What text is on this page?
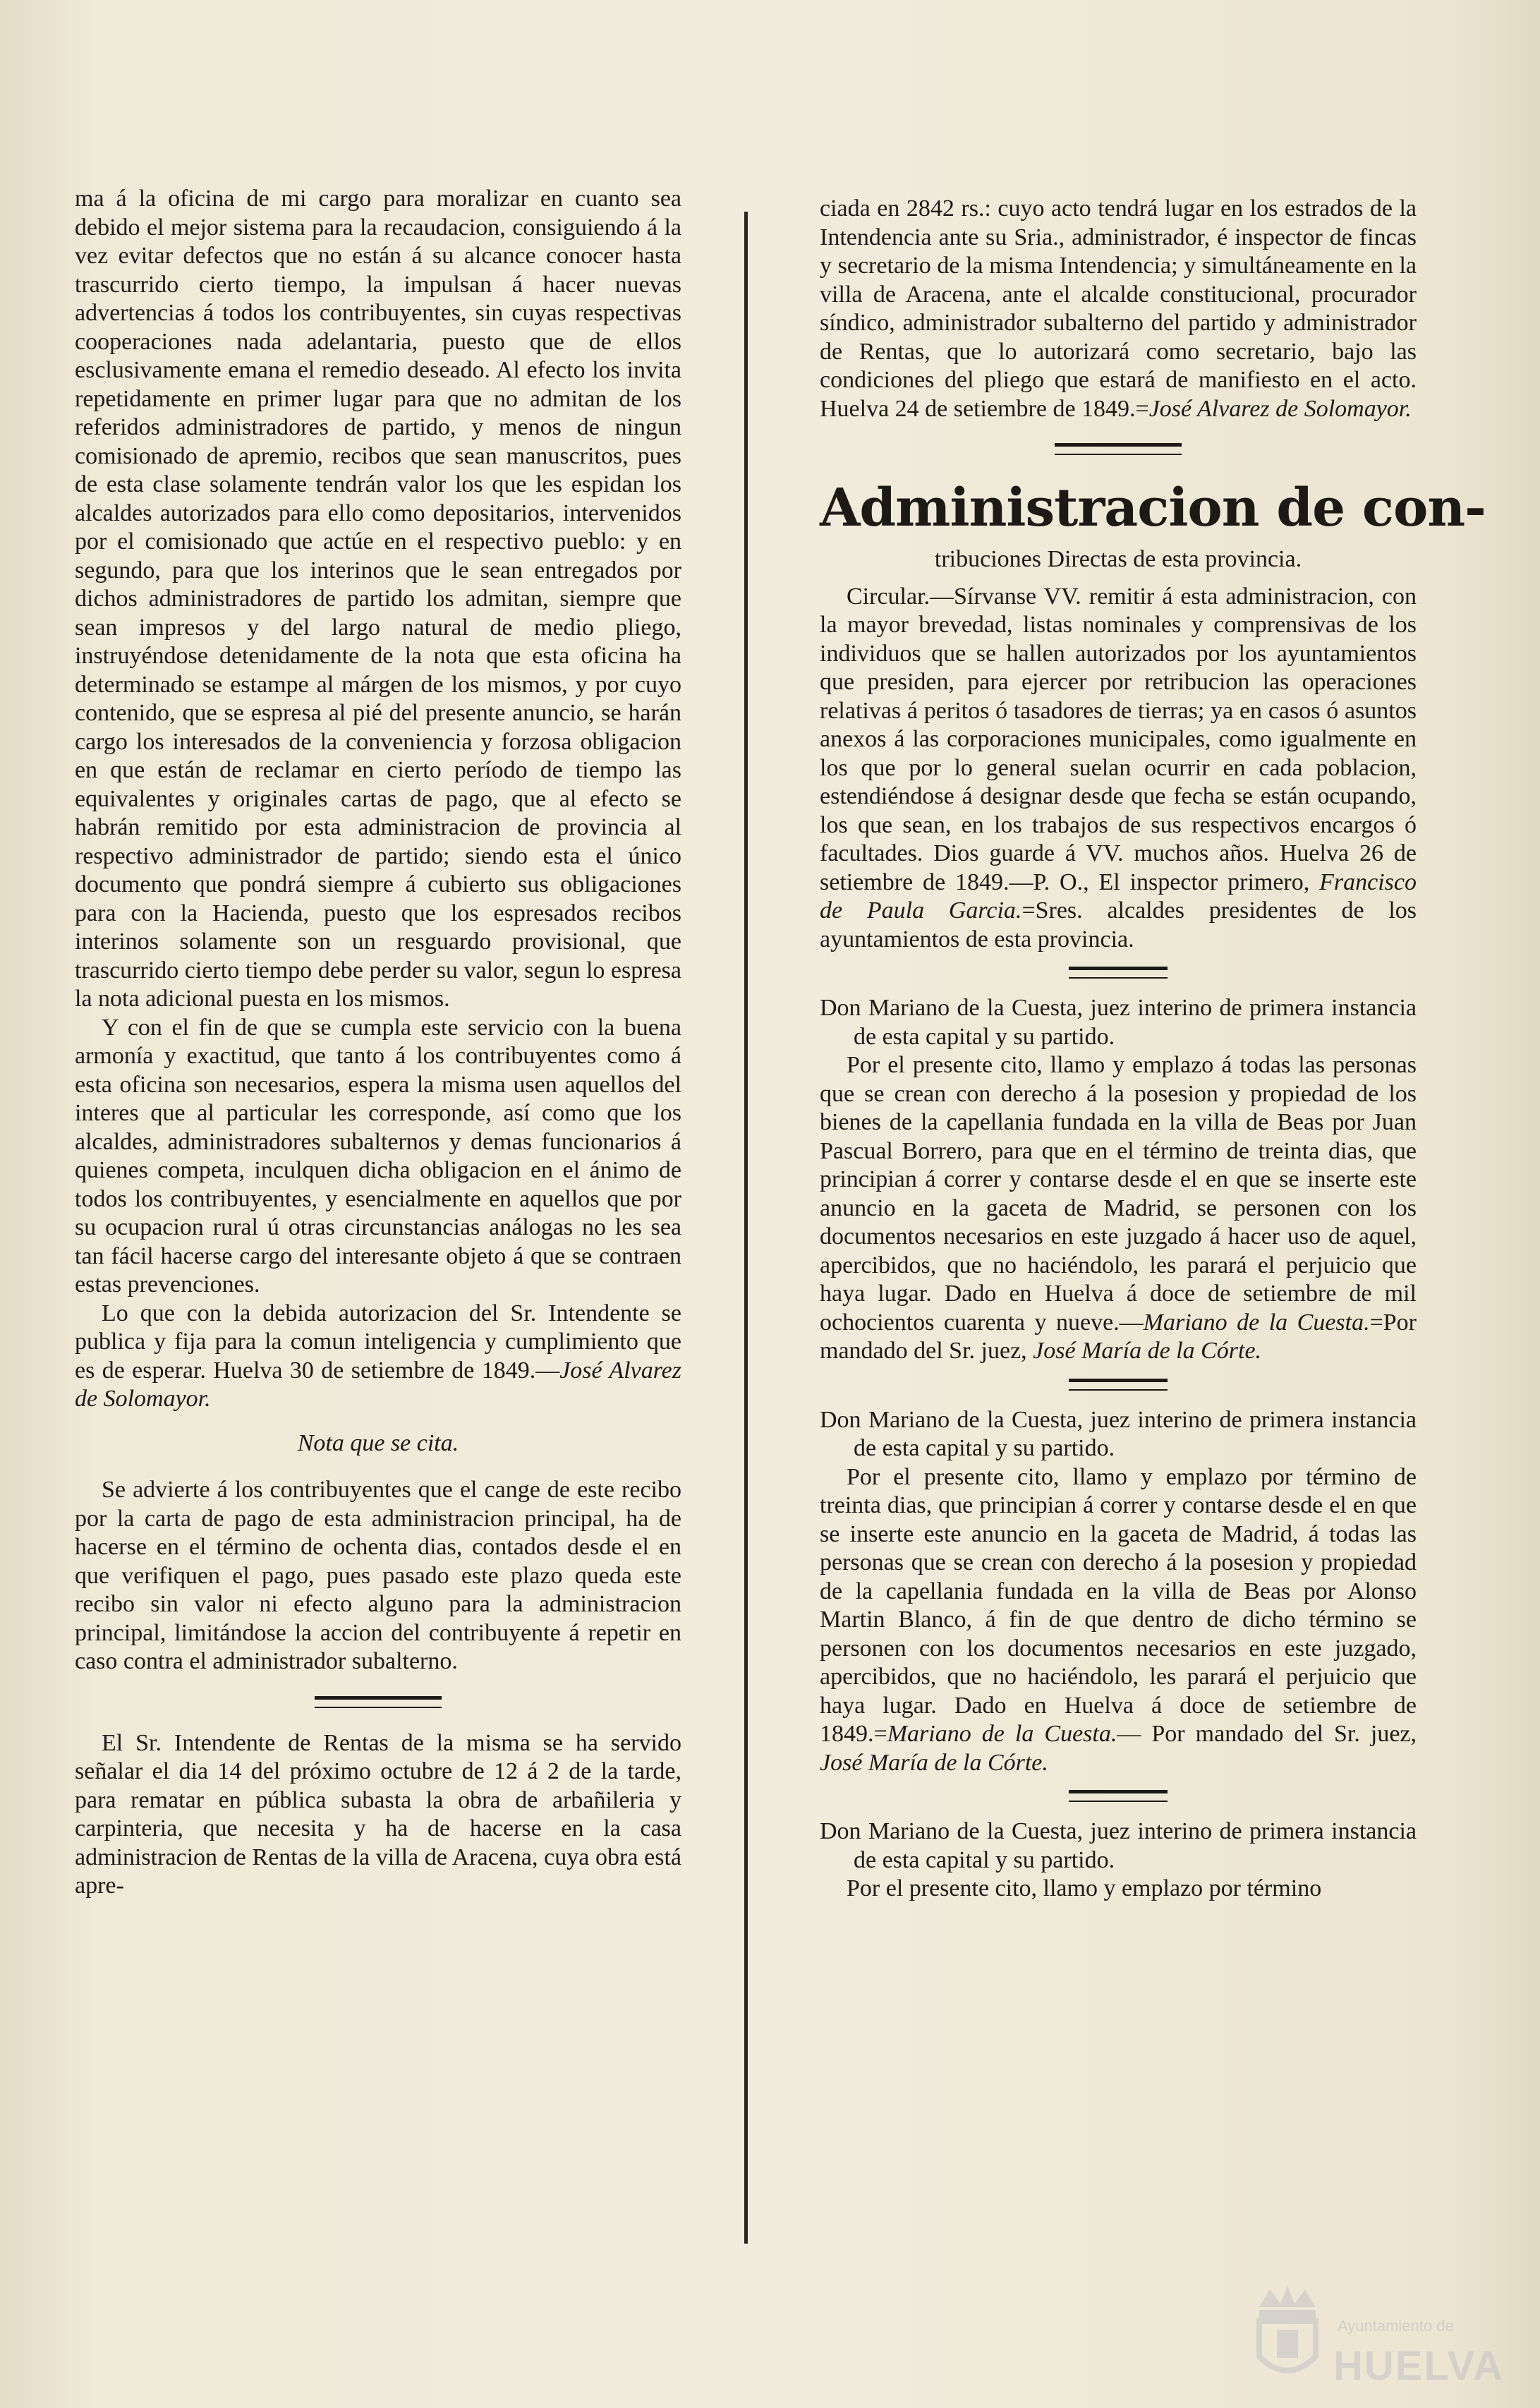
ma á la oficina de mi cargo para moralizar en cuanto sea debido el mejor sistema para la recaudacion, consiguiendo á la vez evitar defectos que no están á su alcance conocer hasta trascurrido cierto tiempo, la impulsan á hacer nuevas advertencias á todos los contribuyentes, sin cuyas respectivas cooperaciones nada adelantaria, puesto que de ellos esclusivamente emana el remedio deseado. Al efecto los invita repetidamente en primer lugar para que no admitan de los referidos administradores de partido, y menos de ningun comisionado de apremio, recibos que sean manuscritos, pues de esta clase solamente tendrán valor los que les espidan los alcaldes autorizados para ello como depositarios, intervenidos por el comisionado que actúe en el respectivo pueblo: y en segundo, para que los interinos que le sean entregados por dichos administradores de partido los admitan, siempre que sean impresos y del largo natural de medio pliego, instruyéndose detenidamente de la nota que esta oficina ha determinado se estampe al márgen de los mismos, y por cuyo contenido, que se espresa al pié del presente anuncio, se harán cargo los interesados de la conveniencia y forzosa obligacion en que están de reclamar en cierto período de tiempo las equivalentes y originales cartas de pago, que al efecto se habrán remitido por esta administracion de provincia al respectivo administrador de partido; siendo esta el único documento que pondrá siempre á cubierto sus obligaciones para con la Hacienda, puesto que los espresados recibos interinos solamente son un resguardo provisional, que trascurrido cierto tiempo debe perder su valor, segun lo espresa la nota adicional puesta en los mismos.

Y con el fin de que se cumpla este servicio con la buena armonía y exactitud, que tanto á los contribuyentes como á esta oficina son necesarios, espera la misma usen aquellos del interes que al particular les corresponde, así como que los alcaldes, administradores subalternos y demas funcionarios á quienes competa, inculquen dicha obligacion en el ánimo de todos los contribuyentes, y esencialmente en aquellos que por su ocupacion rural ú otras circunstancias análogas no les sea tan fácil hacerse cargo del interesante objeto á que se contraen estas prevenciones.

Lo que con la debida autorizacion del Sr. Intendente se publica y fija para la comun inteligencia y cumplimiento que es de esperar. Huelva 30 de setiembre de 1849.—José Alvarez de Solomayor.

Nota que se cita.

Se advierte á los contribuyentes que el cange de este recibo por la carta de pago de esta administracion principal, ha de hacerse en el término de ochenta dias, contados desde el en que verifiquen el pago, pues pasado este plazo queda este recibo sin valor ni efecto alguno para la administracion principal, limitándose la accion del contribuyente á repetir en caso contra el administrador subalterno.

El Sr. Intendente de Rentas de la misma se ha servido señalar el dia 14 del próximo octubre de 12 á 2 de la tarde, para rematar en pública subasta la obra de arbañileria y carpinteria, que necesita y ha de hacerse en la casa administracion de Rentas de la villa de Aracena, cuya obra está apre-

ciada en 2842 rs.: cuyo acto tendrá lugar en los estrados de la Intendencia ante su Sria., administrador, é inspector de fincas y secretario de la misma Intendencia; y simultáneamente en la villa de Aracena, ante el alcalde constitucional, procurador síndico, administrador subalterno del partido y administrador de Rentas, que lo autorizará como secretario, bajo las condiciones del pliego que estará de manifiesto en el acto. Huelva 24 de setiembre de 1849.=José Alvarez de Solomayor.

Administracion de con-

tribuciones Directas de esta provincia.

Circular.—Sírvanse VV. remitir á esta administracion, con la mayor brevedad, listas nominales y comprensivas de los individuos que se hallen autorizados por los ayuntamientos que presiden, para ejercer por retribucion las operaciones relativas á peritos ó tasadores de tierras; ya en casos ó asuntos anexos á las corporaciones municipales, como igualmente en los que por lo general suelan ocurrir en cada poblacion, estendiéndose á designar desde que fecha se están ocupando, los que sean, en los trabajos de sus respectivos encargos ó facultades. Dios guarde á VV. muchos años. Huelva 26 de setiembre de 1849.—P. O., El inspector primero, Francisco de Paula Garcia.=Sres. alcaldes presidentes de los ayuntamientos de esta provincia.

Don Mariano de la Cuesta, juez interino de primera instancia de esta capital y su partido.

Por el presente cito, llamo y emplazo á todas las personas que se crean con derecho á la posesion y propiedad de los bienes de la capellania fundada en la villa de Beas por Juan Pascual Borrero, para que en el término de treinta dias, que principian á correr y contarse desde el en que se inserte este anuncio en la gaceta de Madrid, se personen con los documentos necesarios en este juzgado á hacer uso de aquel, apercibidos, que no haciéndolo, les parará el perjuicio que haya lugar. Dado en Huelva á doce de setiembre de mil ochocientos cuarenta y nueve.—Mariano de la Cuesta.=Por mandado del Sr. juez, José María de la Córte.

Don Mariano de la Cuesta, juez interino de primera instancia de esta capital y su partido.

Por el presente cito, llamo y emplazo por término de treinta dias, que principian á correr y contarse desde el en que se inserte este anuncio en la gaceta de Madrid, á todas las personas que se crean con derecho á la posesion y propiedad de la capellania fundada en la villa de Beas por Alonso Martin Blanco, á fin de que dentro de dicho término se personen con los documentos necesarios en este juzgado, apercibidos, que no haciéndolo, les parará el perjuicio que haya lugar. Dado en Huelva á doce de setiembre de 1849.=Mariano de la Cuesta.— Por mandado del Sr. juez, José María de la Córte.

Don Mariano de la Cuesta, juez interino de primera instancia de esta capital y su partido.

Por el presente cito, llamo y emplazo por término

Ayuntamiento de
HUELVA
